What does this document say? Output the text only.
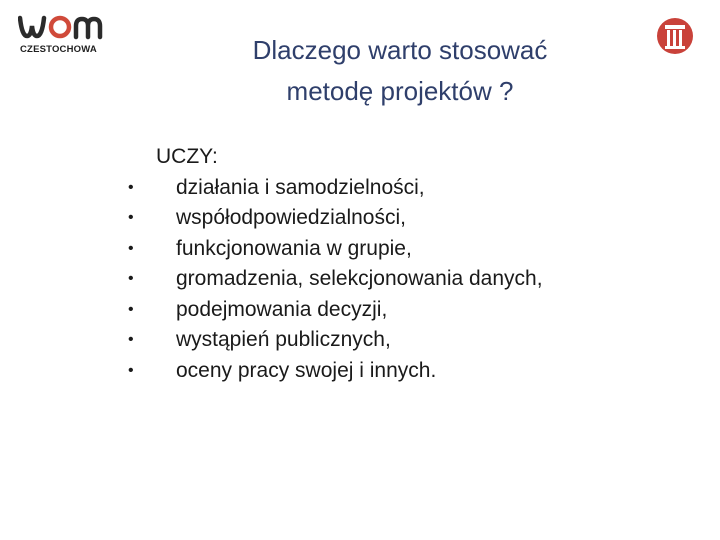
CZESTOCHOWA	Dlaczego warto stosować
metodę projektów ?
UCZY:
• działania i samodzielności,
• współodpowiedzialności,
• funkcjonowania w grupie,
• gromadzenia, selekcjonowania danych,
• podejmowania decyzji,
• wystąpień publicznych,
• oceny pracy swojej i innych.
